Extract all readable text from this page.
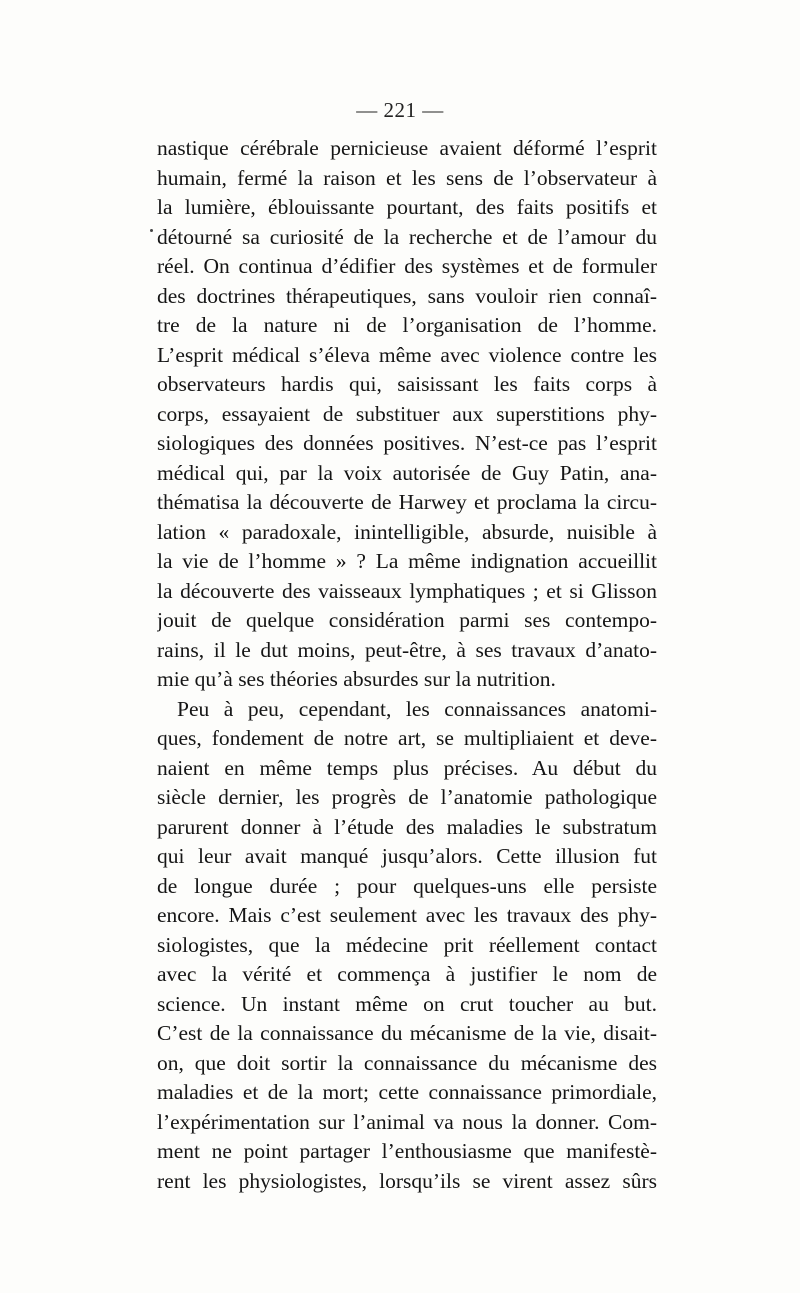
— 221 —
nastique cérébrale pernicieuse avaient déformé l’esprit
humain, fermé la raison et les sens de l’observateur à
la lumière, éblouissante pourtant, des faits positifs et
détourné sa curiosité de la recherche et de l’amour du
réel. On continua d’édifier des systèmes et de formuler
des doctrines thérapeutiques, sans vouloir rien connaî-
tre de la nature ni de l’organisation de l’homme.
L’esprit médical s’éleva même avec violence contre les
observateurs hardis qui, saisissant les faits corps à
corps, essayaient de substituer aux superstitions phy-
siologiques des données positives. N’est-ce pas l’esprit
médical qui, par la voix autorisée de Guy Patin, ana-
thématisa la découverte de Harwey et proclama la circu-
lation « paradoxale, inintelligible, absurde, nuisible à
la vie de l’homme » ? La même indignation accueillit
la découverte des vaisseaux lymphatiques ; et si Glisson
jouit de quelque considération parmi ses contempo-
rains, il le dut moins, peut-être, à ses travaux d’anato-
mie qu’à ses théories absurdes sur la nutrition.
Peu à peu, cependant, les connaissances anatomi-
ques, fondement de notre art, se multipliaient et deve-
naient en même temps plus précises. Au début du
siècle dernier, les progrès de l’anatomie pathologique
parurent donner à l’étude des maladies le substratum
qui leur avait manqué jusqu’alors. Cette illusion fut
de longue durée ; pour quelques-uns elle persiste
encore. Mais c’est seulement avec les travaux des phy-
siologistes, que la médecine prit réellement contact
avec la vérité et commença à justifier le nom de
science. Un instant même on crut toucher au but.
C’est de la connaissance du mécanisme de la vie, disait-
on, que doit sortir la connaissance du mécanisme des
maladies et de la mort; cette connaissance primordiale,
l’expérimentation sur l’animal va nous la donner. Com-
ment ne point partager l’enthousiasme que manifestè-
rent les physiologistes, lorsqu’ils se virent assez sûrs
